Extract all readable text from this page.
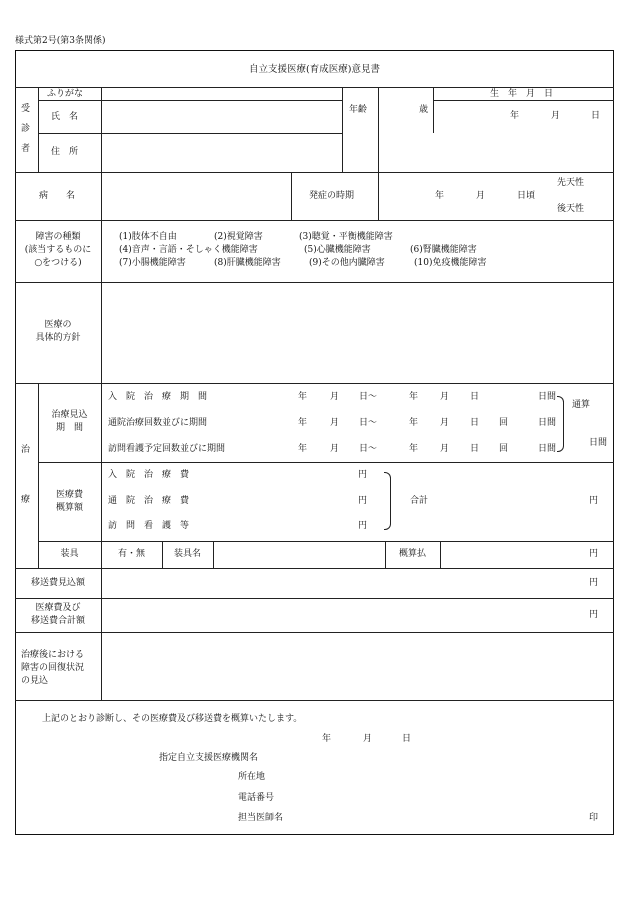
様式第2号(第3条関係)
自立支援医療(育成医療)意見書
受
診
者
ふりがな
氏　名
住　所
年齢	歳
生　年　月　日
年	月	日
病　　名	発症の時期	年	月	日頃
先天性
後天性
障害の種類
(該当するものに
○をつける)
(1)肢体不自由	(2)視覚障害	(3)聴覚・平衡機能障害
(4)音声・言語・そしゃく機能障害	(5)心臓機能障害	(6)腎臓機能障害
(7)小腸機能障害	(8)肝臓機能障害	(9)その他内臓障害	(10)免疫機能障害
医療の
具体的方針
治
療
治療見込
期　間
入　院　治　療　期　間	年	月 日～	年 月 日	日間
通院治療回数並びに期間	年	月 日～	年 月 日 回	日間
訪問看護予定回数並びに期間	年	月 日～	年 月 日 回	日間
通算
日間
医療費
概算額
入　院　治　療　費	円
通　院　治　療　費	円
訪　問　看　護　等	円
合計	円
装具	有・無	装具名	概算払	円
移送費見込額	円
医療費及び
移送費合計額
円
治療後における
障害の回復状況
の見込
上記のとおり診断し、その医療費及び移送費を概算いたします。
年	月	日
指定自立支援医療機関名
所在地
電話番号
担当医師名	印
